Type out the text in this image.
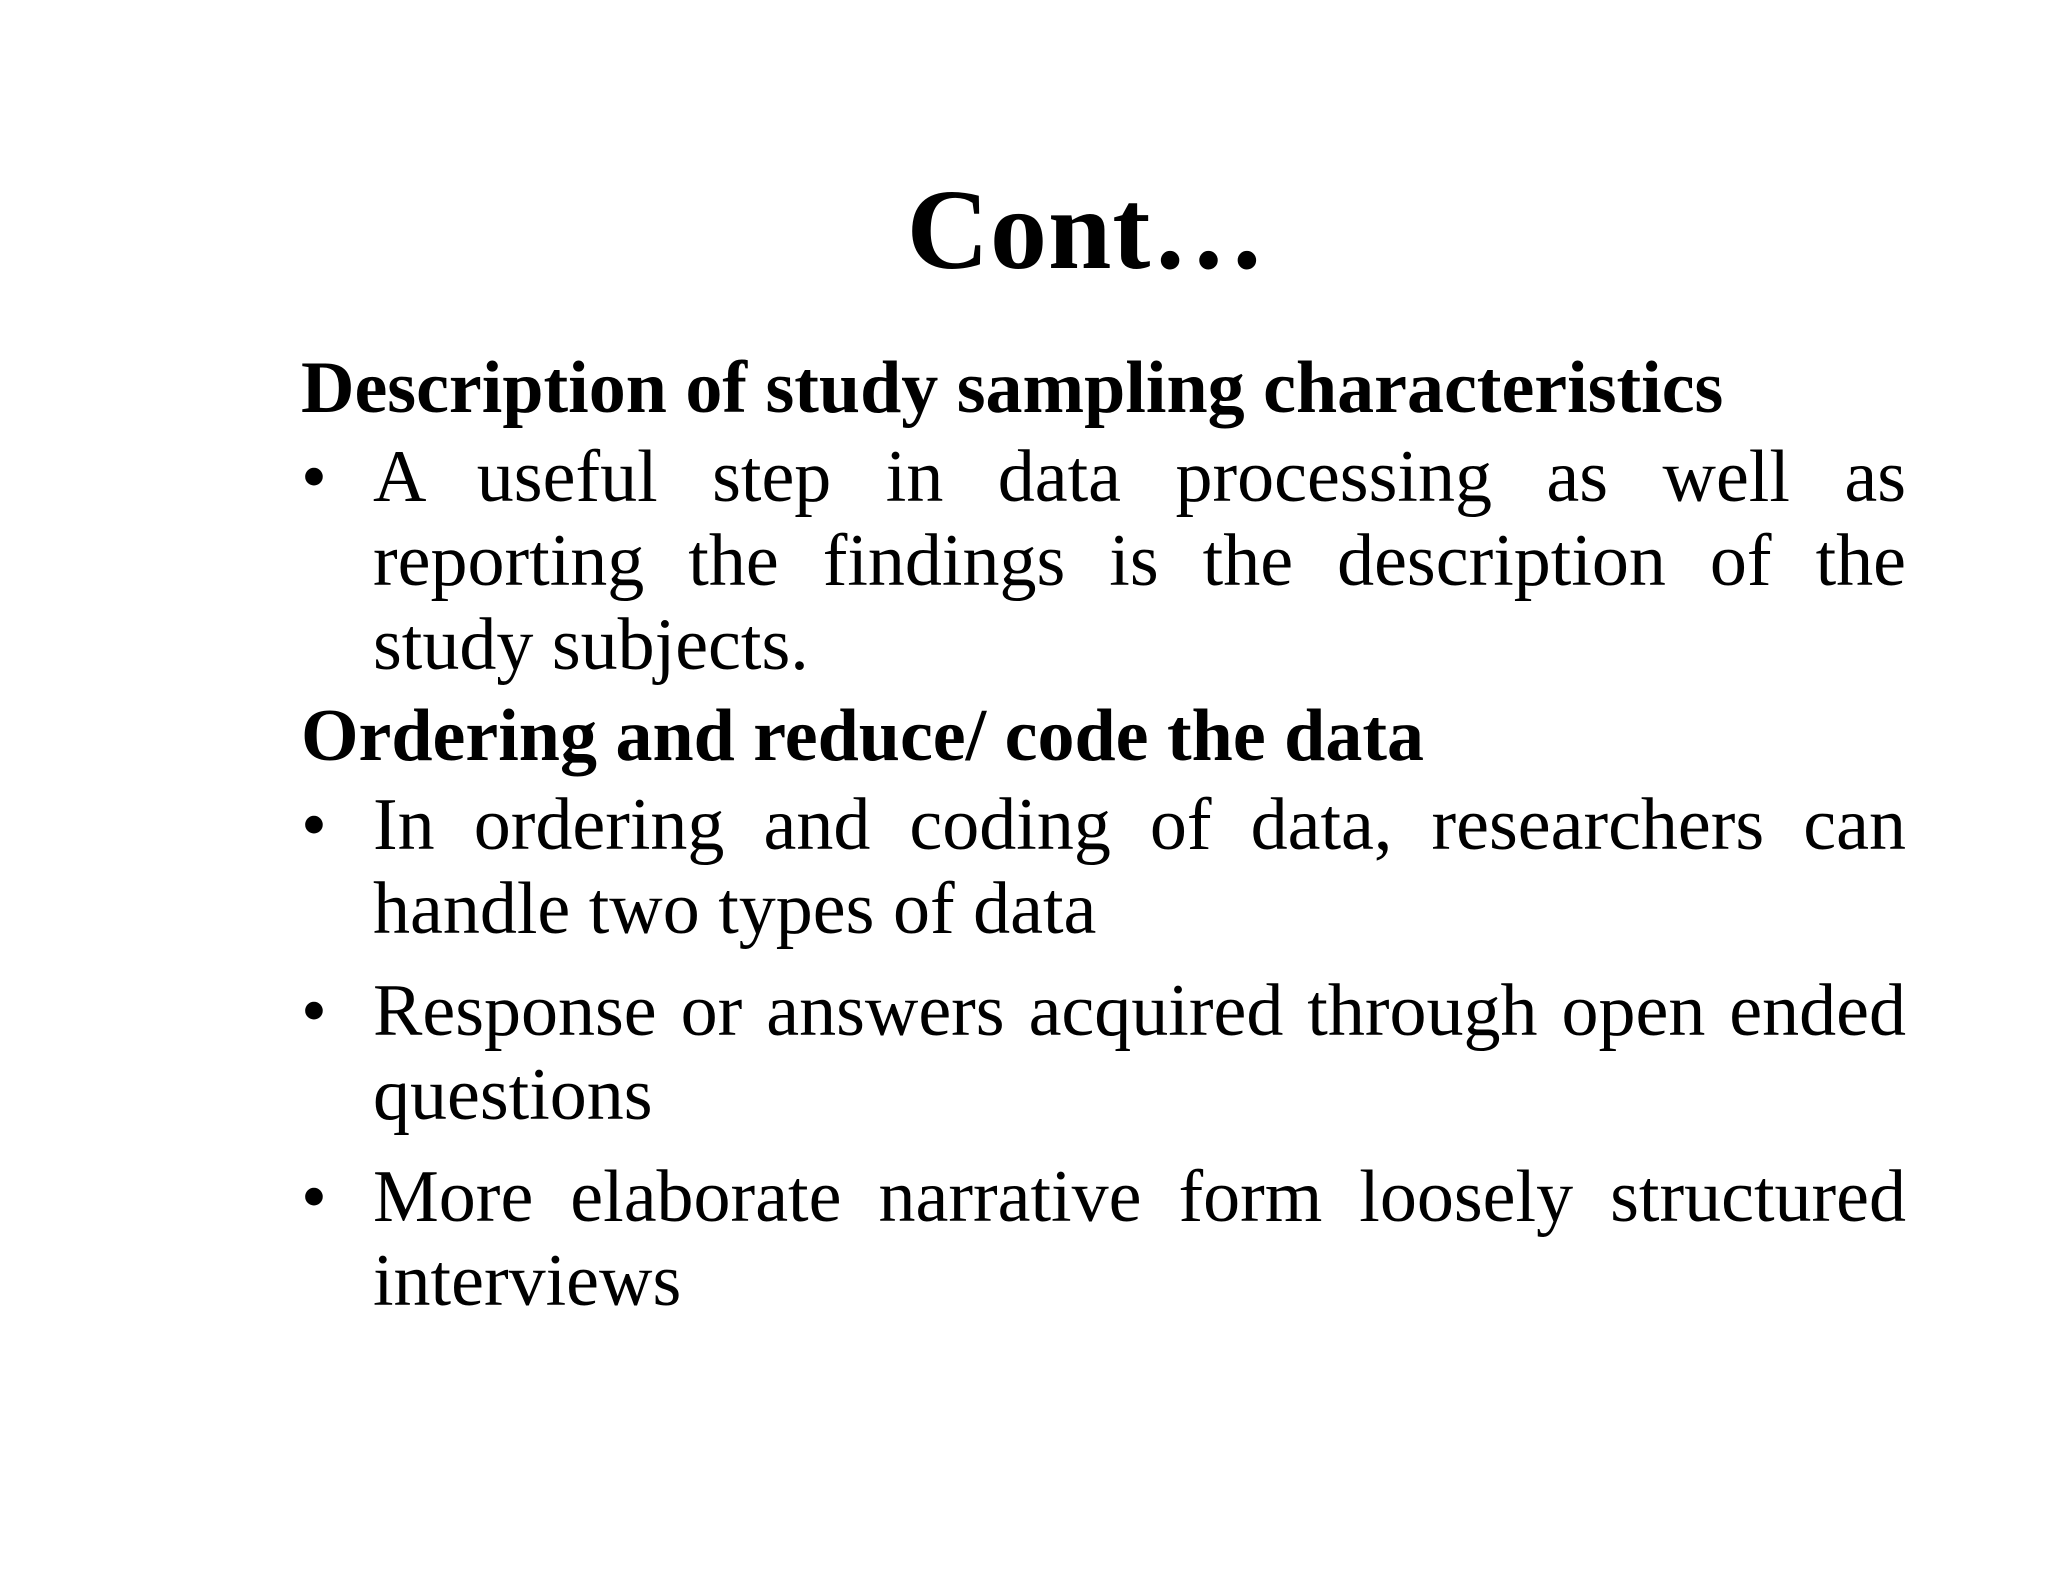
Cont…

Description of study sampling characteristics

• A useful step in data processing as well as reporting the findings is the description of the study subjects.

Ordering and reduce/ code the data

• In ordering and coding of data, researchers can handle two types of data
• Response or answers acquired through open ended questions
• More elaborate narrative form loosely structured interviews
